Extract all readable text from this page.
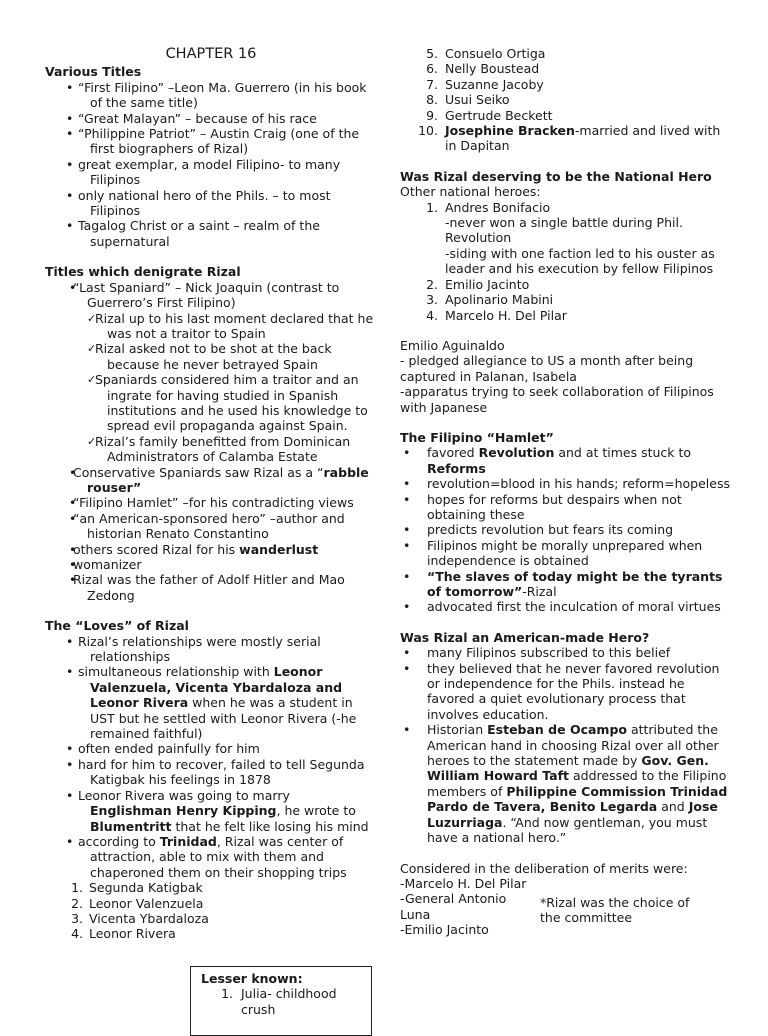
CHAPTER 16
Various Titles
• “First Filipino” –Leon Ma. Guerrero (in his book of the same title)
• “Great Malayan” – because of his race
• “Philippine Patriot” – Austin Craig (one of the first biographers of Rizal)
• great exemplar, a model Filipino- to many Filipinos
• only national hero of the Phils. – to most Filipinos
• Tagalog Christ or a saint – realm of the supernatural
Titles which denigrate Rizal
• “Last Spaniard” – Nick Joaquin (contrast to Guerrero’s First Filipino)
✓ Rizal up to his last moment declared that he was not a traitor to Spain
✓ Rizal asked not to be shot at the back because he never betrayed Spain
✓ Spaniards considered him a traitor and an ingrate for having studied in Spanish institutions and he used his knowledge to spread evil propaganda against Spain.
✓ Rizal’s family benefitted from Dominican Administrators of Calamba Estate
• Conservative Spaniards saw Rizal as a “rabble rouser”
• “Filipino Hamlet” –for his contradicting views
• “an American-sponsored hero” –author and historian Renato Constantino
• others scored Rizal for his wanderlust
• womanizer
• Rizal was the father of Adolf Hitler and Mao Zedong
The “Loves” of Rizal
• Rizal’s relationships were mostly serial relationships
• simultaneous relationship with Leonor Valenzuela, Vicenta Ybardaloza and Leonor Rivera when he was a student in UST but he settled with Leonor Rivera (-he remained faithful)
• often ended painfully for him
• hard for him to recover, failed to tell Segunda Katigbak his feelings in 1878
• Leonor Rivera was going to marry Englishman Henry Kipping, he wrote to Blumentritt that he felt like losing his mind
• according to Trinidad, Rizal was center of attraction, able to mix with them and chaperoned them on their shopping trips
1. Segunda Katigbak
2. Leonor Valenzuela
3. Vicenta Ybardaloza
4. Leonor Rivera
Lesser known:
1. Julia- childhood crush
5. Consuelo Ortiga
6. Nelly Boustead
7. Suzanne Jacoby
8. Usui Seiko
9. Gertrude Beckett
10. Josephine Bracken-married and lived with in Dapitan
Was Rizal deserving to be the National Hero
Other national heroes:
1. Andres Bonifacio
-never won a single battle during Phil. Revolution
-siding with one faction led to his ouster as leader and his execution by fellow Filipinos
2. Emilio Jacinto
3. Apolinario Mabini
4. Marcelo H. Del Pilar
Emilio Aguinaldo
- pledged allegiance to US a month after being captured in Palanan, Isabela
-apparatus trying to seek collaboration of Filipinos with Japanese
The Filipino “Hamlet”
• favored Revolution and at times stuck to Reforms
• revolution=blood in his hands; reform=hopeless
• hopes for reforms but despairs when not obtaining these
• predicts revolution but fears its coming
• Filipinos might be morally unprepared when independence is obtained
• “The slaves of today might be the tyrants of tomorrow”-Rizal
• advocated first the inculcation of moral virtues
Was Rizal an American-made Hero?
• many Filipinos subscribed to this belief
• they believed that he never favored revolution or independence for the Phils. instead he favored a quiet evolutionary process that involves education.
• Historian Esteban de Ocampo attributed the American hand in choosing Rizal over all other heroes to the statement made by Gov. Gen. William Howard Taft addressed to the Filipino members of Philippine Commission Trinidad Pardo de Tavera, Benito Legarda and Jose Luzurriaga. “And now gentleman, you must have a national hero.”
Considered in the deliberation of merits were:
-Marcelo H. Del Pilar
-General Antonio Luna
-Emilio Jacinto
*Rizal was the choice of the committee
